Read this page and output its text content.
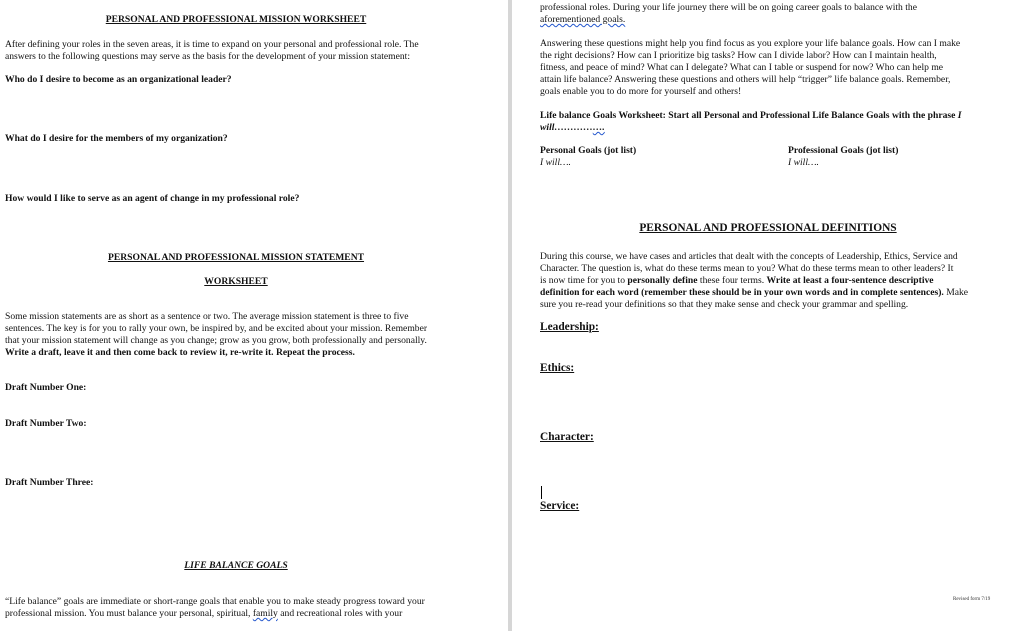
PERSONAL AND PROFESSIONAL MISSION WORKSHEET
After defining your roles in the seven areas, it is time to expand on your personal and professional role. The
answers to the following questions may serve as the basis for the development of your mission statement:
Who do I desire to become as an organizational leader?
What do I desire for the members of my organization?
How would I like to serve as an agent of change in my professional role?
PERSONAL AND PROFESSIONAL MISSION STATEMENT
WORKSHEET
Some mission statements are as short as a sentence or two. The average mission statement is three to five
sentences. The key is for you to rally your own, be inspired by, and be excited about your mission. Remember
that your mission statement will change as you change; grow as you grow, both professionally and personally.
Write a draft, leave it and then come back to review it, re-write it. Repeat the process.
Draft Number One:
Draft Number Two:
Draft Number Three:
LIFE BALANCE GOALS
“Life balance” goals are immediate or short-range goals that enable you to make steady progress toward your
professional mission. You must balance your personal, spiritual, family and recreational roles with your
professional roles. During your life journey there will be on going career goals to balance with the
aforementioned goals.
Answering these questions might help you find focus as you explore your life balance goals. How can I make
the right decisions? How can I prioritize big tasks? How can I divide labor? How can I maintain health,
fitness, and peace of mind? What can I delegate? What can I table or suspend for now? Who can help me
attain life balance? Answering these questions and others will help “trigger” life balance goals. Remember,
goals enable you to do more for yourself and others!
Life balance Goals Worksheet: Start all Personal and Professional Life Balance Goals with the phrase I
will…………….
Personal Goals (jot list)
I will….
Professional Goals (jot list)
I will….
PERSONAL AND PROFESSIONAL DEFINITIONS
During this course, we have cases and articles that dealt with the concepts of Leadership, Ethics, Service and
Character. The question is, what do these terms mean to you? What do these terms mean to other leaders? It
is now time for you to personally define these four terms. Write at least a four-sentence descriptive
definition for each word (remember these should be in your own words and in complete sentences). Make
sure you re-read your definitions so that they make sense and check your grammar and spelling.
Leadership:
Ethics:
Character:
Service:
Revised form 7/19
